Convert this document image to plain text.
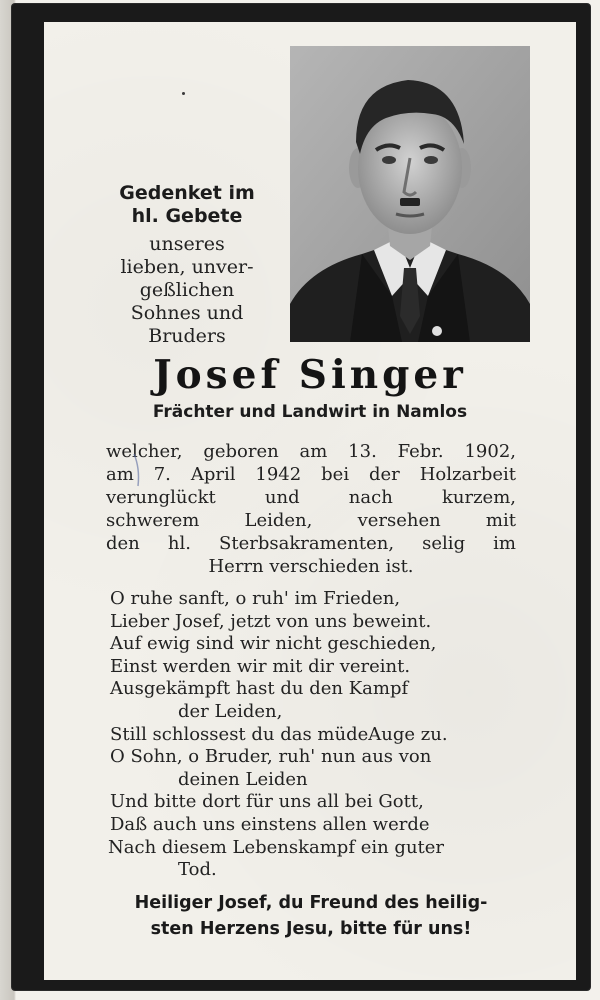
Gedenket im
hl. Gebete
unseres
lieben, unver-
geßlichen
Sohnes und
Bruders
Josef Singer
Frächter und Landwirt in Namlos
welcher, geboren am 13. Febr. 1902,
am 7. April 1942 bei der Holzarbeit
verunglückt und nach kurzem,
schwerem Leiden, versehen mit
den hl. Sterbsakramenten, selig im
Herrn verschieden ist.
O ruhe sanft, o ruh' im Frieden,
Lieber Josef, jetzt von uns beweint.
Auf ewig sind wir nicht geschieden,
Einst werden wir mit dir vereint.
Ausgekämpft hast du den Kampf
der Leiden,
Still schlossest du das müdeAuge zu.
O Sohn, o Bruder, ruh' nun aus von
deinen Leiden
Und bitte dort für uns all bei Gott,
Daß auch uns einstens allen werde
Nach diesem Lebenskampf ein guter
Tod.
Heiliger Josef, du Freund des heilig-
sten Herzens Jesu, bitte für uns!
